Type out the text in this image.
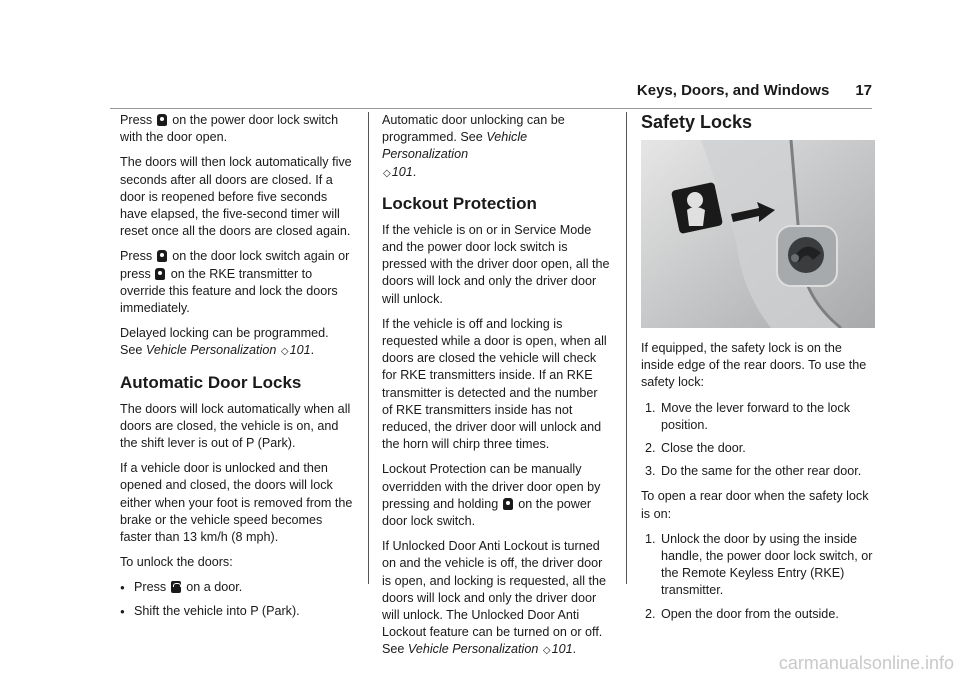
Keys, Doors, and Windows 17

Press on the power door lock switch with the door open.

The doors will then lock automatically five seconds after all doors are closed. If a door is reopened before five seconds have elapsed, the five-second timer will reset once all the doors are closed again.

Press on the door lock switch again or press on the RKE transmitter to override this feature and lock the doors immediately.

Delayed locking can be programmed. See Vehicle Personalization ◇101.

Automatic Door Locks

The doors will lock automatically when all doors are closed, the vehicle is on, and the shift lever is out of P (Park).

If a vehicle door is unlocked and then opened and closed, the doors will lock either when your foot is removed from the brake or the vehicle speed becomes faster than 13 km/h (8 mph).

To unlock the doors:

● Press on a door.
● Shift the vehicle into P (Park).

Automatic door unlocking can be programmed. See Vehicle Personalization
◇101.

Lockout Protection

If the vehicle is on or in Service Mode and the power door lock switch is pressed with the driver door open, all the doors will lock and only the driver door will unlock.

If the vehicle is off and locking is requested while a door is open, when all doors are closed the vehicle will check for RKE transmitters inside. If an RKE transmitter is detected and the number of RKE transmitters inside has not reduced, the driver door will unlock and the horn will chirp three times.

Lockout Protection can be manually overridden with the driver door open by pressing and holding on the power door lock switch.

If Unlocked Door Anti Lockout is turned on and the vehicle is off, the driver door is open, and locking is requested, all the doors will lock and only the driver door will unlock. The Unlocked Door Anti Lockout feature can be turned on or off. See Vehicle Personalization ◇101.

Safety Locks

If equipped, the safety lock is on the inside edge of the rear doors. To use the safety lock:

1. Move the lever forward to the lock position.
2. Close the door.
3. Do the same for the other rear door.

To open a rear door when the safety lock is on:

1. Unlock the door by using the inside handle, the power door lock switch, or the Remote Keyless Entry (RKE) transmitter.
2. Open the door from the outside.
carmanualsonline.info
